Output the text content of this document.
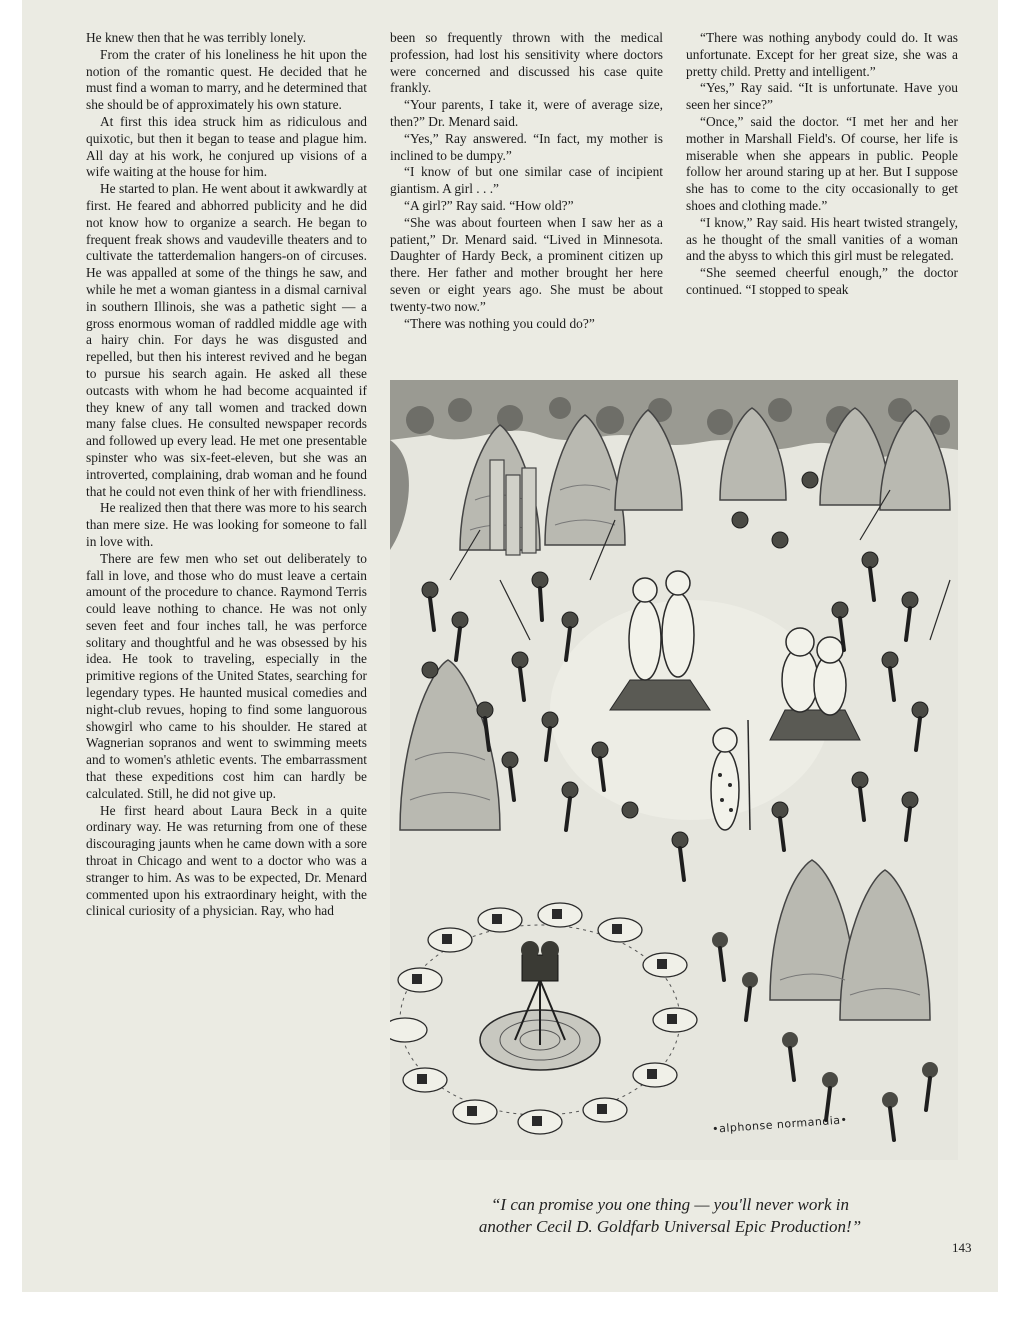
He knew then that he was terribly lonely.

From the crater of his loneliness he hit upon the notion of the romantic quest. He decided that he must find a woman to marry, and he determined that she should be of approximately his own stature.

At first this idea struck him as ridiculous and quixotic, but then it began to tease and plague him. All day at his work, he conjured up visions of a wife waiting at the house for him.

He started to plan. He went about it awkwardly at first. He feared and abhorred publicity and he did not know how to organize a search. He began to frequent freak shows and vaudeville theaters and to cultivate the tatterdemalion hangers-on of circuses. He was appalled at some of the things he saw, and while he met a woman giantess in a dismal carnival in southern Illinois, she was a pathetic sight — a gross enormous woman of raddled middle age with a hairy chin. For days he was disgusted and repelled, but then his interest revived and he began to pursue his search again. He asked all these outcasts with whom he had become acquainted if they knew of any tall women and tracked down many false clues. He consulted newspaper records and followed up every lead. He met one presentable spinster who was six-feet-eleven, but she was an introverted, complaining, drab woman and he found that he could not even think of her with friendliness.

He realized then that there was more to his search than mere size. He was looking for someone to fall in love with.

There are few men who set out deliberately to fall in love, and those who do must leave a certain amount of the procedure to chance. Raymond Terris could leave nothing to chance. He was not only seven feet and four inches tall, he was perforce solitary and thoughtful and he was obsessed by his idea. He took to traveling, especially in the primitive regions of the United States, searching for legendary types. He haunted musical comedies and night-club revues, hoping to find some languorous showgirl who came to his shoulder. He stared at Wagnerian sopranos and went to swimming meets and to women's athletic events. The embarrassment that these expeditions cost him can hardly be calculated. Still, he did not give up.

He first heard about Laura Beck in a quite ordinary way. He was returning from one of these discouraging jaunts when he came down with a sore throat in Chicago and went to a doctor who was a stranger to him. As was to be expected, Dr. Menard commented upon his extraordinary height, with the clinical curiosity of a physician. Ray, who had

been so frequently thrown with the medical profession, had lost his sensitivity where doctors were concerned and discussed his case quite frankly.

“Your parents, I take it, were of average size, then?” Dr. Menard said.

“Yes,” Ray answered. “In fact, my mother is inclined to be dumpy.”

“I know of but one similar case of incipient giantism. A girl . . .”

“A girl?” Ray said. “How old?”

“She was about fourteen when I saw her as a patient,” Dr. Menard said. “Lived in Minnesota. Daughter of Hardy Beck, a prominent citizen up there. Her father and mother brought her here seven or eight years ago. She must be about twenty-two now.”

“There was nothing you could do?”

“There was nothing anybody could do. It was unfortunate. Except for her great size, she was a pretty child. Pretty and intelligent.”

“Yes,” Ray said. “It is unfortunate. Have you seen her since?”

“Once,” said the doctor. “I met her and her mother in Marshall Field's. Of course, her life is miserable when she appears in public. People follow her around staring up at her. But I suppose she has to come to the city occasionally to get shoes and clothing made.”

“I know,” Ray said. His heart twisted strangely, as he thought of the small vanities of a woman and the abyss to which this girl must be relegated.

“She seemed cheerful enough,” the doctor continued. “I stopped to speak

•alphonse normandia•
“I can promise you one thing — you'll never work in
another Cecil D. Goldfarb Universal Epic Production!”
143
